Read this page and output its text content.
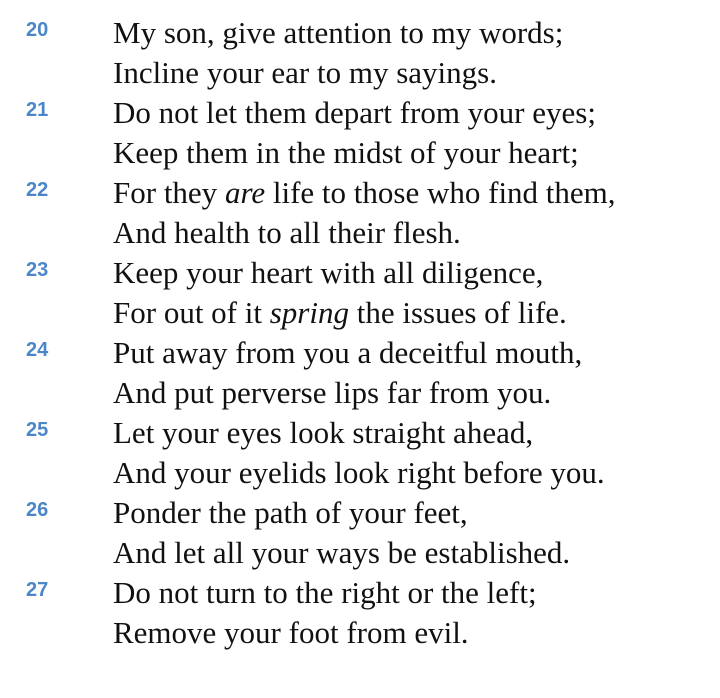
20 My son, give attention to my words;
Incline your ear to my sayings.
21 Do not let them depart from your eyes;
Keep them in the midst of your heart;
22 For they are life to those who find them,
And health to all their flesh.
23 Keep your heart with all diligence,
For out of it spring the issues of life.
24 Put away from you a deceitful mouth,
And put perverse lips far from you.
25 Let your eyes look straight ahead,
And your eyelids look right before you.
26 Ponder the path of your feet,
And let all your ways be established.
27 Do not turn to the right or the left;
Remove your foot from evil.
